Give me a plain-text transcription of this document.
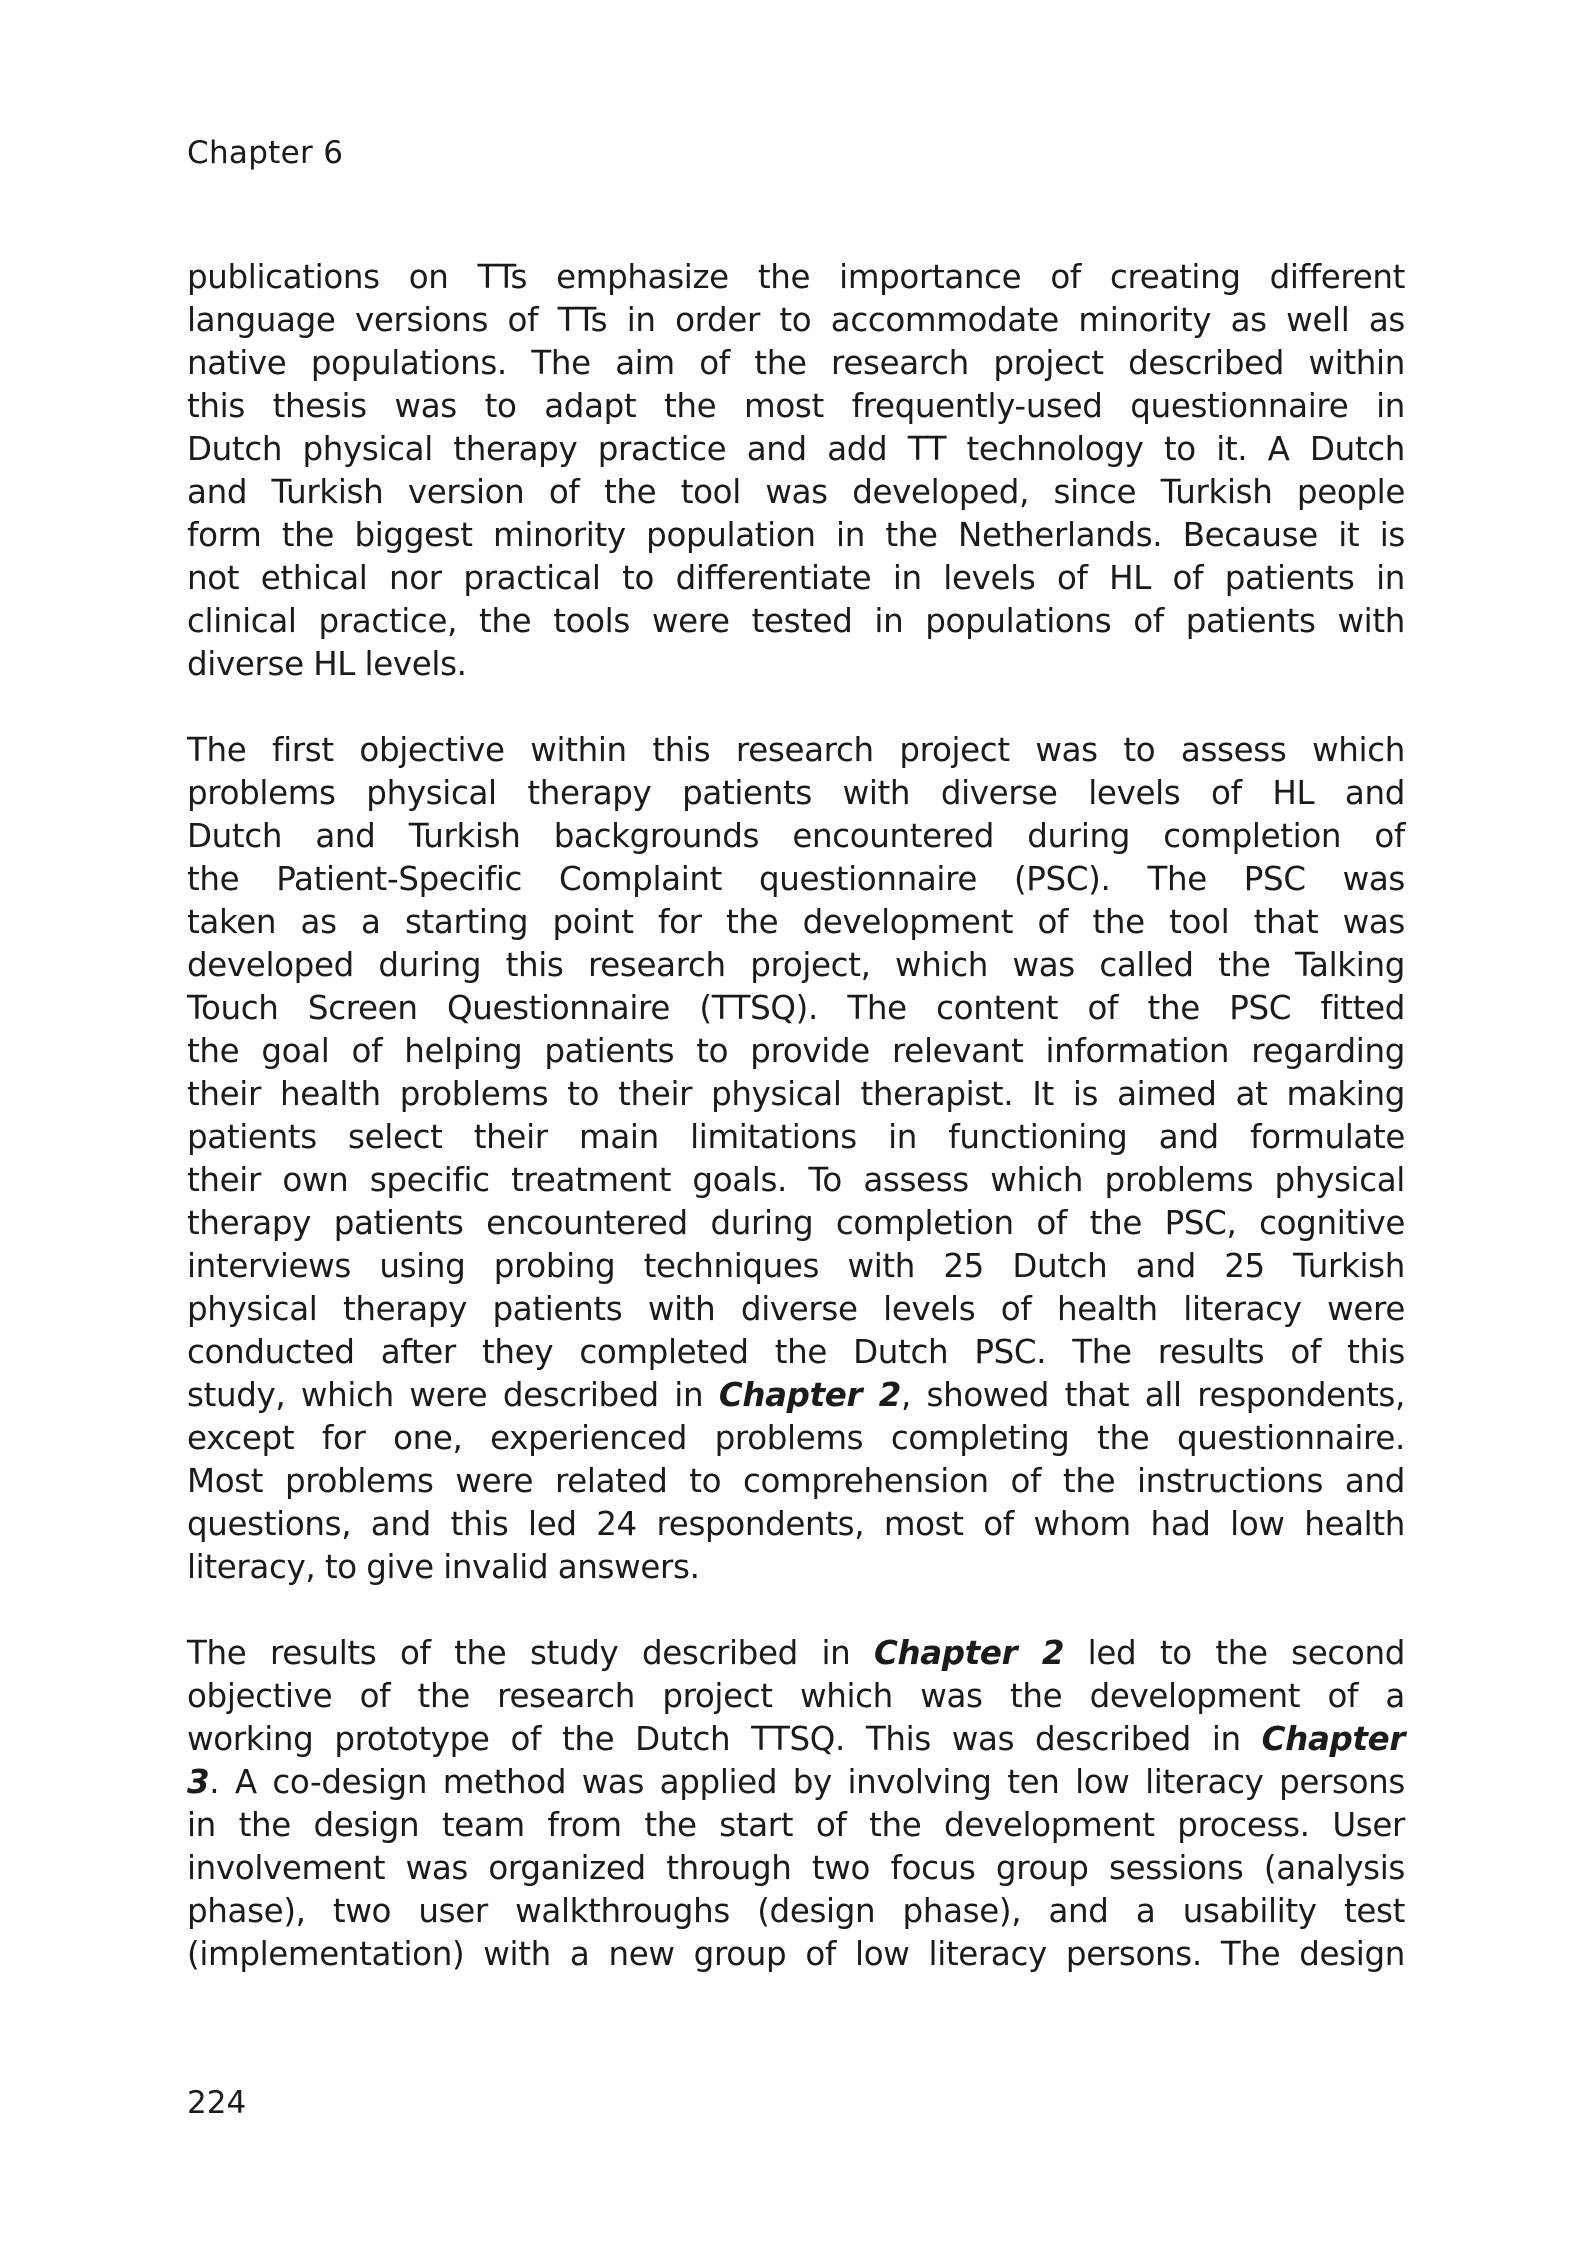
Chapter 6

publications on TTs emphasize the importance of creating different
language versions of TTs in order to accommodate minority as well as
native populations. The aim of the research project described within
this thesis was to adapt the most frequently-used questionnaire in
Dutch physical therapy practice and add TT technology to it. A Dutch
and Turkish version of the tool was developed, since Turkish people
form the biggest minority population in the Netherlands. Because it is
not ethical nor practical to differentiate in levels of HL of patients in
clinical practice, the tools were tested in populations of patients with
diverse HL levels.

The first objective within this research project was to assess which
problems physical therapy patients with diverse levels of HL and
Dutch and Turkish backgrounds encountered during completion of
the Patient-Specific Complaint questionnaire (PSC). The PSC was
taken as a starting point for the development of the tool that was
developed during this research project, which was called the Talking
Touch Screen Questionnaire (TTSQ). The content of the PSC fitted
the goal of helping patients to provide relevant information regarding
their health problems to their physical therapist. It is aimed at making
patients select their main limitations in functioning and formulate
their own specific treatment goals. To assess which problems physical
therapy patients encountered during completion of the PSC, cognitive
interviews using probing techniques with 25 Dutch and 25 Turkish
physical therapy patients with diverse levels of health literacy were
conducted after they completed the Dutch PSC. The results of this
study, which were described in Chapter 2, showed that all respondents,
except for one, experienced problems completing the questionnaire.
Most problems were related to comprehension of the instructions and
questions, and this led 24 respondents, most of whom had low health
literacy, to give invalid answers.

The results of the study described in Chapter 2 led to the second
objective of the research project which was the development of a
working prototype of the Dutch TTSQ. This was described in Chapter
3. A co-design method was applied by involving ten low literacy persons
in the design team from the start of the development process. User
involvement was organized through two focus group sessions (analysis
phase), two user walkthroughs (design phase), and a usability test
(implementation) with a new group of low literacy persons. The design

224
